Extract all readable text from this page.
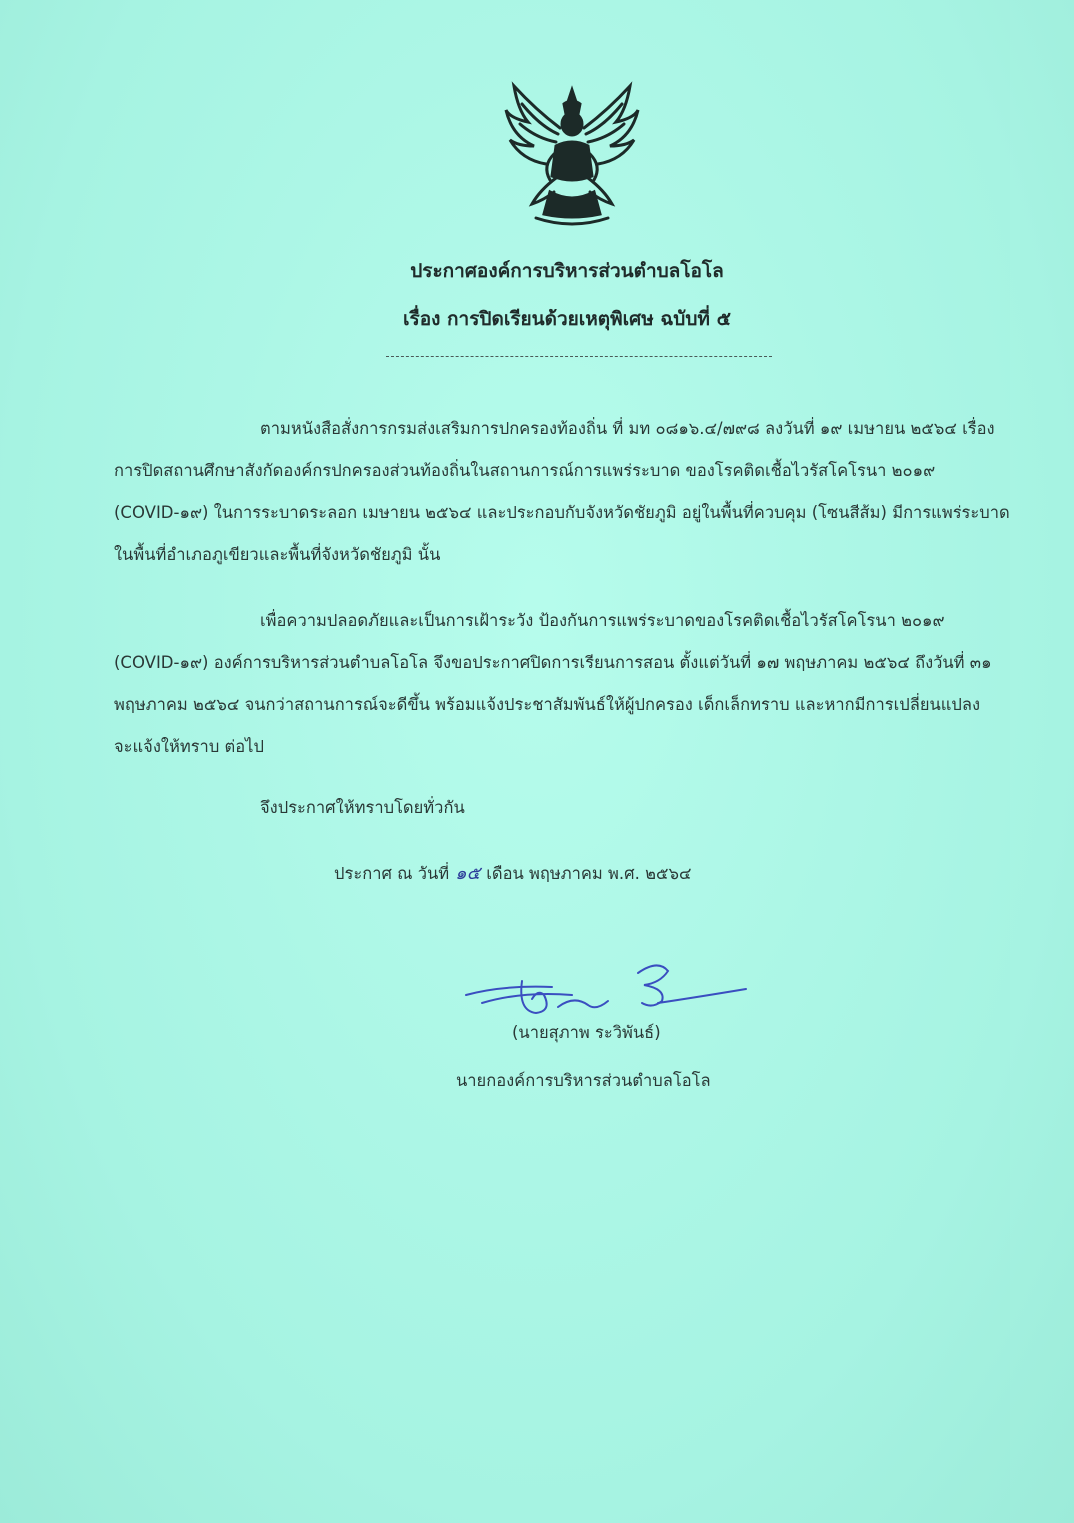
ประกาศองค์การบริหารส่วนตำบลโอโล
เรื่อง การปิดเรียนด้วยเหตุพิเศษ ฉบับที่ ๕
ตามหนังสือสั่งการกรมส่งเสริมการปกครองท้องถิ่น ที่ มท ๐๘๑๖.๔/๗๙๘ ลงวันที่ ๑๙ เมษายน ๒๕๖๔ เรื่อง การปิดสถานศึกษาสังกัดองค์กรปกครองส่วนท้องถิ่นในสถานการณ์การแพร่ระบาด ของโรคติดเชื้อไวรัสโคโรนา ๒๐๑๙ (COVID-๑๙) ในการระบาดระลอก เมษายน ๒๕๖๔ และประกอบกับจังหวัดชัยภูมิ อยู่ในพื้นที่ควบคุม (โซนสีส้ม) มีการแพร่ระบาดในพื้นที่อำเภอภูเขียวและพื้นที่จังหวัดชัยภูมิ นั้น
เพื่อความปลอดภัยและเป็นการเฝ้าระวัง ป้องกันการแพร่ระบาดของโรคติดเชื้อไวรัสโคโรนา ๒๐๑๙ (COVID-๑๙) องค์การบริหารส่วนตำบลโอโล จึงขอประกาศปิดการเรียนการสอน ตั้งแต่วันที่ ๑๗ พฤษภาคม ๒๕๖๔ ถึงวันที่ ๓๑ พฤษภาคม ๒๕๖๔ จนกว่าสถานการณ์จะดีขึ้น พร้อมแจ้งประชาสัมพันธ์ให้ผู้ปกครอง เด็กเล็กทราบ และหากมีการเปลี่ยนแปลงจะแจ้งให้ทราบ ต่อไป
จึงประกาศให้ทราบโดยทั่วกัน
ประกาศ ณ วันที่ ๑๕ เดือน พฤษภาคม พ.ศ. ๒๕๖๔
(นายสุภาพ ระวิพันธ์)
นายกองค์การบริหารส่วนตำบลโอโล
